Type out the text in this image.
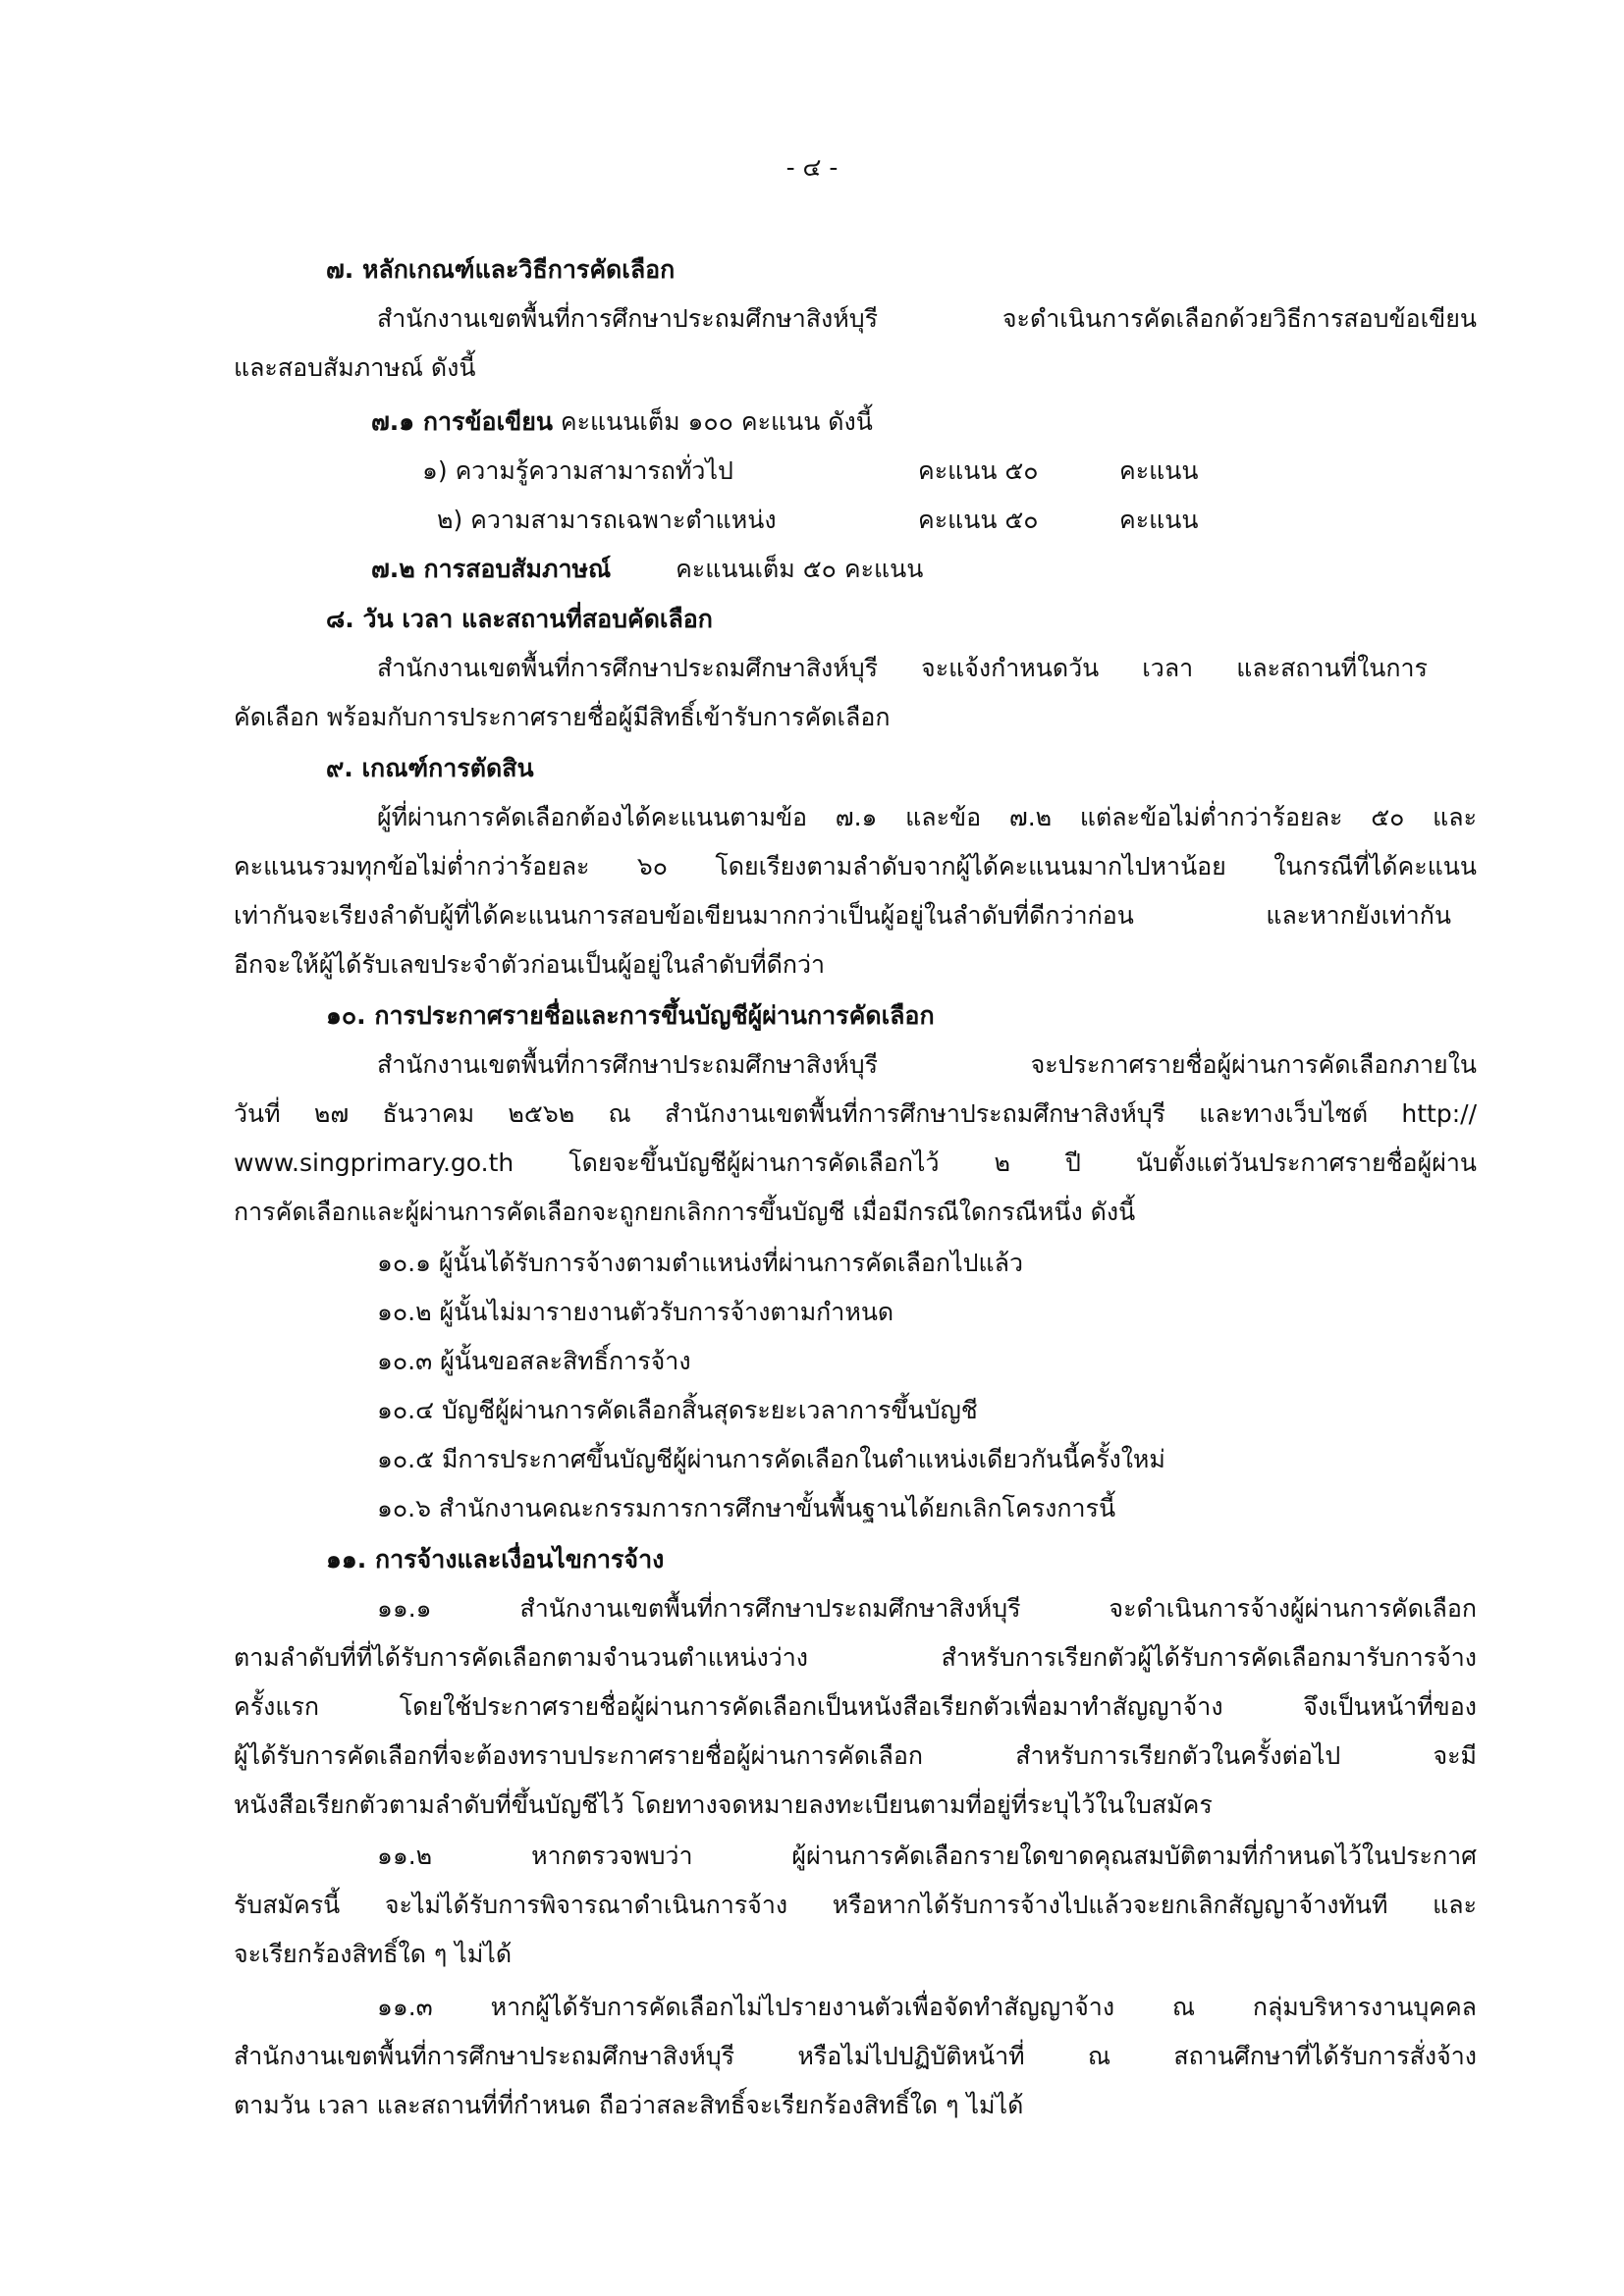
- ๔ -
๗. หลักเกณฑ์และวิธีการคัดเลือก
สำนักงานเขตพื้นที่การศึกษาประถมศึกษาสิงห์บุรี จะดำเนินการคัดเลือกด้วยวิธีการสอบข้อเขียน
และสอบสัมภาษณ์ ดังนี้
๗.๑ การข้อเขียน คะแนนเต็ม ๑๐๐ คะแนน ดังนี้
๑) ความรู้ความสามารถทั่วไป	คะแนน ๕๐	คะแนน
๒) ความสามารถเฉพาะตำแหน่ง	คะแนน ๕๐	คะแนน
๗.๒ การสอบสัมภาษณ์	คะแนนเต็ม ๕๐ คะแนน
๘. วัน เวลา และสถานที่สอบคัดเลือก
สำนักงานเขตพื้นที่การศึกษาประถมศึกษาสิงห์บุรี จะแจ้งกำหนดวัน เวลา และสถานที่ในการ
คัดเลือก พร้อมกับการประกาศรายชื่อผู้มีสิทธิ์เข้ารับการคัดเลือก
๙. เกณฑ์การตัดสิน
ผู้ที่ผ่านการคัดเลือกต้องได้คะแนนตามข้อ ๗.๑ และข้อ ๗.๒ แต่ละข้อไม่ต่ำกว่าร้อยละ ๕๐ และ
คะแนนรวมทุกข้อไม่ต่ำกว่าร้อยละ ๖๐ โดยเรียงตามลำดับจากผู้ได้คะแนนมากไปหาน้อย ในกรณีที่ได้คะแนน
เท่ากันจะเรียงลำดับผู้ที่ได้คะแนนการสอบข้อเขียนมากกว่าเป็นผู้อยู่ในลำดับที่ดีกว่าก่อน และหากยังเท่ากัน
อีกจะให้ผู้ได้รับเลขประจำตัวก่อนเป็นผู้อยู่ในลำดับที่ดีกว่า
๑๐. การประกาศรายชื่อและการขึ้นบัญชีผู้ผ่านการคัดเลือก
สำนักงานเขตพื้นที่การศึกษาประถมศึกษาสิงห์บุรี จะประกาศรายชื่อผู้ผ่านการคัดเลือกภายใน
วันที่ ๒๗ ธันวาคม ๒๕๖๒ ณ สำนักงานเขตพื้นที่การศึกษาประถมศึกษาสิงห์บุรี และทางเว็บไซต์ http://
www.singprimary.go.th โดยจะขึ้นบัญชีผู้ผ่านการคัดเลือกไว้ ๒ ปี นับตั้งแต่วันประกาศรายชื่อผู้ผ่าน
การคัดเลือกและผู้ผ่านการคัดเลือกจะถูกยกเลิกการขึ้นบัญชี เมื่อมีกรณีใดกรณีหนึ่ง ดังนี้
๑๐.๑ ผู้นั้นได้รับการจ้างตามตำแหน่งที่ผ่านการคัดเลือกไปแล้ว
๑๐.๒ ผู้นั้นไม่มารายงานตัวรับการจ้างตามกำหนด
๑๐.๓ ผู้นั้นขอสละสิทธิ์การจ้าง
๑๐.๔ บัญชีผู้ผ่านการคัดเลือกสิ้นสุดระยะเวลาการขึ้นบัญชี
๑๐.๕ มีการประกาศขึ้นบัญชีผู้ผ่านการคัดเลือกในตำแหน่งเดียวกันนี้ครั้งใหม่
๑๐.๖ สำนักงานคณะกรรมการการศึกษาขั้นพื้นฐานได้ยกเลิกโครงการนี้
๑๑. การจ้างและเงื่อนไขการจ้าง
๑๑.๑ สำนักงานเขตพื้นที่การศึกษาประถมศึกษาสิงห์บุรี จะดำเนินการจ้างผู้ผ่านการคัดเลือก
ตามลำดับที่ที่ได้รับการคัดเลือกตามจำนวนตำแหน่งว่าง สำหรับการเรียกตัวผู้ได้รับการคัดเลือกมารับการจ้าง
ครั้งแรก โดยใช้ประกาศรายชื่อผู้ผ่านการคัดเลือกเป็นหนังสือเรียกตัวเพื่อมาทำสัญญาจ้าง จึงเป็นหน้าที่ของ
ผู้ได้รับการคัดเลือกที่จะต้องทราบประกาศรายชื่อผู้ผ่านการคัดเลือก สำหรับการเรียกตัวในครั้งต่อไป จะมี
หนังสือเรียกตัวตามลำดับที่ขึ้นบัญชีไว้ โดยทางจดหมายลงทะเบียนตามที่อยู่ที่ระบุไว้ในใบสมัคร
๑๑.๒ หากตรวจพบว่า ผู้ผ่านการคัดเลือกรายใดขาดคุณสมบัติตามที่กำหนดไว้ในประกาศ
รับสมัครนี้ จะไม่ได้รับการพิจารณาดำเนินการจ้าง หรือหากได้รับการจ้างไปแล้วจะยกเลิกสัญญาจ้างทันที และ
จะเรียกร้องสิทธิ์ใด ๆ ไม่ได้
๑๑.๓ หากผู้ได้รับการคัดเลือกไม่ไปรายงานตัวเพื่อจัดทำสัญญาจ้าง ณ กลุ่มบริหารงานบุคคล
สำนักงานเขตพื้นที่การศึกษาประถมศึกษาสิงห์บุรี หรือไม่ไปปฏิบัติหน้าที่ ณ สถานศึกษาที่ได้รับการสั่งจ้าง
ตามวัน เวลา และสถานที่ที่กำหนด ถือว่าสละสิทธิ์จะเรียกร้องสิทธิ์ใด ๆ ไม่ได้
